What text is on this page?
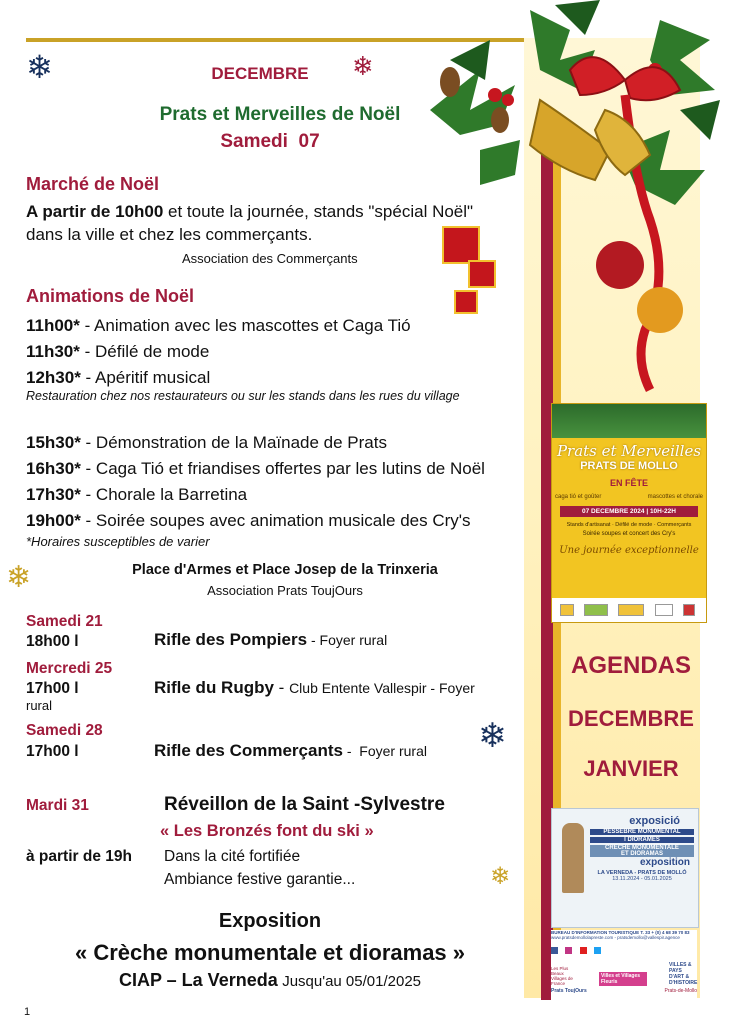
❄	❄
❄
❄
❄
DECEMBRE
Prats et Merveilles de Noël
Samedi  07
Marché de Noël
A partir de 10h00 et toute la journée, stands "spécial Noël"
dans la ville et chez les commerçants.
Association des Commerçants
Animations de Noël
11h00* - Animation avec les mascottes et Caga Tió
11h30* - Défilé de mode
12h30* - Apéritif musical
Restauration chez nos restaurateurs ou sur les stands dans les rues du village
15h30* - Démonstration de la Maïnade de Prats
16h30* - Caga Tió et friandises offertes par les lutins de Noël
17h30* - Chorale la Barretina
19h00* - Soirée soupes avec animation musicale des Cry's
*Horaires susceptibles de varier
Place d'Armes et Place Josep de la Trinxeria
Association Prats ToujOurs
Samedi 21
18h00 l	Rifle des Pompiers - Foyer rural
Mercredi 25
17h00 l	Rifle du Rugby - Club Entente Vallespir - Foyer
rural
Samedi 28
17h00 l	Rifle des Commerçants -  Foyer rural
Mardi 31	Réveillon de la Saint -Sylvestre
« Les Bronzés font du ski »
à partir de 19h Dans la cité fortifiée
Ambiance festive garantie...
Exposition
« Crèche monumentale et dioramas »
CIAP – La Verneda Jusqu'au 05/01/2025
1
Prats et Merveilles
PRATS DE MOLLO
EN FÊTE
caga tió et goûter	mascottes et chorale
07 DECEMBRE 2024 | 10H-22H
Stands d'artisanat · Défilé de mode · Commerçants
Soirée soupes et concert des Cry's
Une journée exceptionnelle
AGENDAS
DECEMBRE
JANVIER
exposició
PESSEBRE MONUMENTAL
I DIORAMES
CRECHE MONUMENTALE
ET DIORAMAS
exposition
LA VERNEDA - PRATS DE MOLLÓ
13.11.2024 - 05.01.2025
BUREAU D'INFORMATION TOURISTIQUE T. 33 + (0) 4 68 39 70 83
www.pratsdemollolapreste.com - pratsdemollo@vallespir.agence

Les Plus Beaux Villages de France
Villes et Villages Fleuris
VILLES & PAYS D'ART & D'HISTOIRE
Prats ToujOurs	Prats-de-Mollo
